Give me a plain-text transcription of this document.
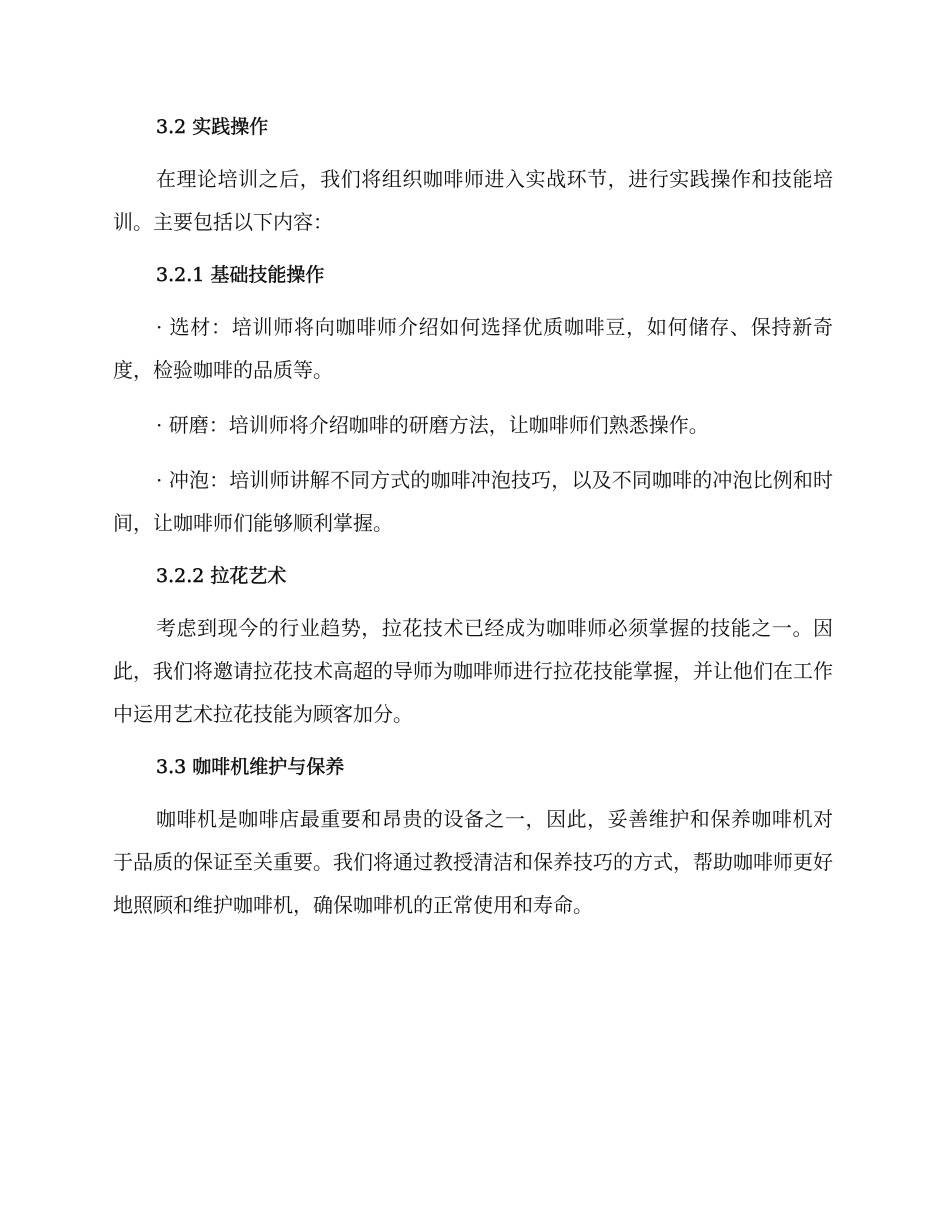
3.2 实践操作

在理论培训之后，我们将组织咖啡师进入实战环节，进行实践操作和技能培训。主要包括以下内容：

3.2.1 基础技能操作

· 选材：培训师将向咖啡师介绍如何选择优质咖啡豆，如何储存、保持新奇度，检验咖啡的品质等。

· 研磨：培训师将介绍咖啡的研磨方法，让咖啡师们熟悉操作。

· 冲泡：培训师讲解不同方式的咖啡冲泡技巧，以及不同咖啡的冲泡比例和时间，让咖啡师们能够顺利掌握。

3.2.2 拉花艺术

考虑到现今的行业趋势，拉花技术已经成为咖啡师必须掌握的技能之一。因此，我们将邀请拉花技术高超的导师为咖啡师进行拉花技能掌握，并让他们在工作中运用艺术拉花技能为顾客加分。

3.3 咖啡机维护与保养

咖啡机是咖啡店最重要和昂贵的设备之一，因此，妥善维护和保养咖啡机对于品质的保证至关重要。我们将通过教授清洁和保养技巧的方式，帮助咖啡师更好地照顾和维护咖啡机，确保咖啡机的正常使用和寿命。
